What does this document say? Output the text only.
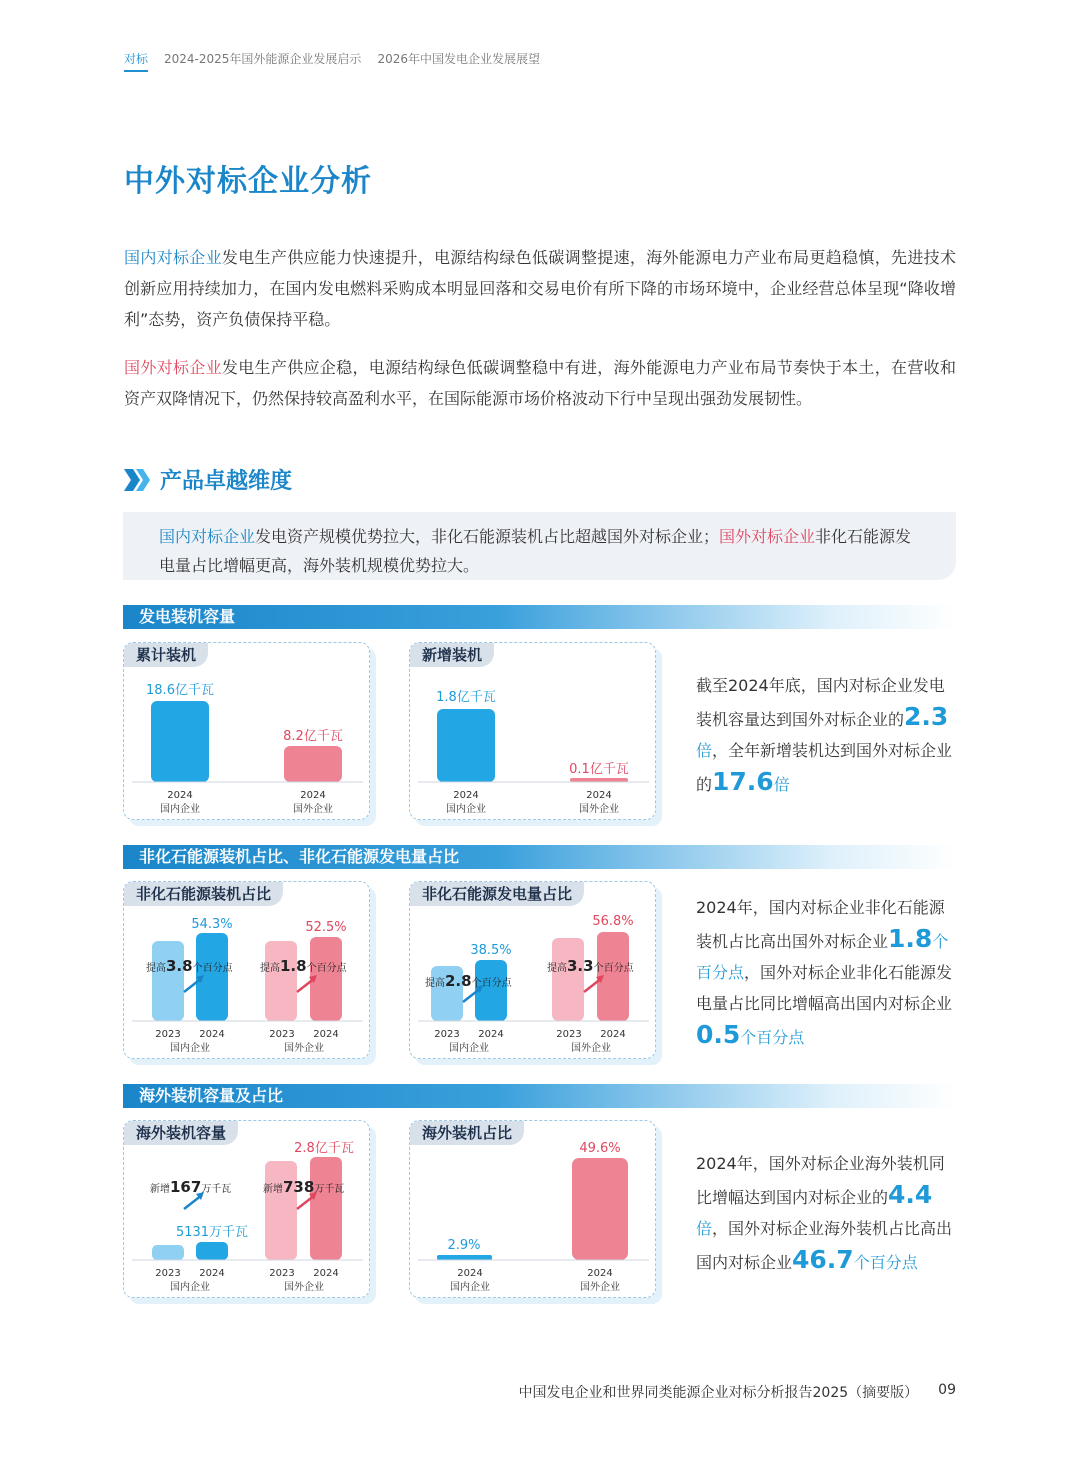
对标 2024-2025年国外能源企业发展启示 2026年中国发电企业发展展望
中外对标企业分析

国内对标企业发电生产供应能力快速提升，电源结构绿色低碳调整提速，海外能源电力产业布局更趋稳慎，先进技术创新应用持续加力，在国内发电燃料采购成本明显回落和交易电价有所下降的市场环境中，企业经营总体呈现“降收增利”态势，资产负债保持平稳。

国外对标企业发电生产供应企稳，电源结构绿色低碳调整稳中有进，海外能源电力产业布局节奏快于本土，在营收和资产双降情况下，仍然保持较高盈利水平，在国际能源市场价格波动下行中呈现出强劲发展韧性。

产品卓越维度
国内对标企业发电资产规模优势拉大，非化石能源装机占比超越国外对标企业；国外对标企业非化石能源发电量占比增幅更高，海外装机规模优势拉大。
发电装机容量
非化石能源装机占比、非化石能源发电量占比
海外装机容量及占比
累计装机
18.6亿千瓦
8.2亿千瓦
2024
国内企业
2024
国外企业
新增装机
1.8亿千瓦
0.1亿千瓦
2024
国内企业
2024
国外企业
非化石能源装机占比
54.3%	52.5%
提高3.8个百分点	提高1.8个百分点
2023 2024	2023 2024
国内企业	国外企业
非化石能源发电量占比
38.5%
56.8%
提高2.8个百分点
提高3.3个百分点
2023 2024	2023 2024
国内企业	国外企业
海外装机容量
5131万千瓦
2.8亿千瓦
新增167万千瓦	新增738万千瓦
2023 2024	2023 2024
国内企业	国外企业
海外装机占比
2.9%
49.6%
2024
国内企业
2024
国外企业

截至2024年底，国内对标企业发电装机容量达到国外对标企业的2.3倍，全年新增装机达到国外对标企业的17.6倍

2024年，国内对标企业非化石能源装机占比高出国外对标企业1.8个百分点，国外对标企业非化石能源发电量占比同比增幅高出国内对标企业0.5个百分点

2024年，国外对标企业海外装机同比增幅达到国内对标企业的4.4倍，国外对标企业海外装机占比高出国内对标企业46.7个百分点

中国发电企业和世界同类能源企业对标分析报告2025（摘要版） 09
